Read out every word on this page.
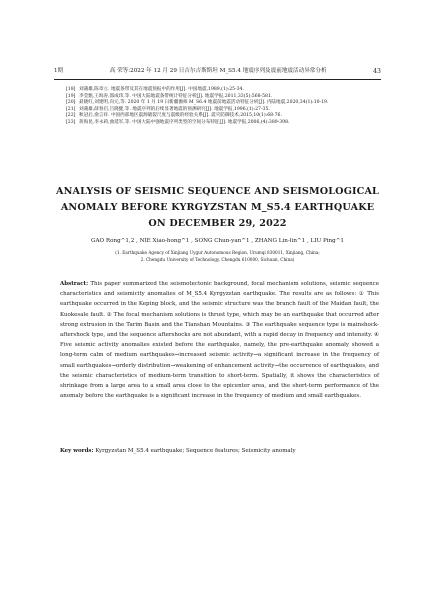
1期	高 荣等:2022 年 12 月 29 日吉尔吉斯斯坦 M_S5.4 地震序列及震前地震活动异常分析	43
[18] 刘蒲雄,陈章立. 地震条带及其在地震预报中的作用[J]. 中国地震,1989,(1):25-34.
[19] 李莹甄,王海涛,邵成玮,等. 中国大陆地震条带统计特征分析[J]. 地震学报,2011,33(5):568-581.
[20] 聂晓红,刘建明,向元,等. 2020 年 1 月 19 日新疆伽师 M_S6.4 地震前地震活动特征分析[J]. 内陆地震,2020,34(1):10-19.
[21] 刘蒲雄,薛春启,吕晓健,等. 地震序列的后续显著地震的预测研究[J]. 地震学报,1996,(1):27-35.
[22] 秋冠后,俞言祥. 中国西部地区震源破裂尺度与震级的经验关系[J]. 震灾防御技术,2015,10(1):68-76.
[23] 蒋海昆,李永莉,曲延军,等. 中国大陆中强地震序列类型的空间分布特征[J]. 地震学报,2006,(4):389-398.
ANALYSIS OF SEISMIC SEQUENCE AND SEISMOLOGICAL ANOMALY BEFORE KYRGYZSTAN M_S5.4 EARTHQUAKE ON DECEMBER 29, 2022
GAO Rong^1,2 , NIE Xiao-hong^1 , SONG Chun-yan^1 , ZHANG Lin-lin^1 , LIU Ping^1
(1. Earthquake Agency of Xinjiang Uygur Autonomous Region, Urumqi 830011, Xinjiang, China;
2. Chengdu University of Technology, Chengdu 610000, Sichuan, China)
Abstract: This paper summarized the seismotectonic background, focal mechanism solutions, seismic sequence characteristics and seismicity anomalies of M_S5.4 Kyrgyzstan earthquake. The results are as follows: ① This earthquake occurred in the Keping block, and the seismic structure was the branch fault of the Maidan fault, the Kuokesale fault. ② The focal mechanism solutions is thrust type, which may be an earthquake that occurred after strong extrusion in the Tarim Basin and the Tianshan Mountains. ③ The earthquake sequence type is mainshock-aftershock type, and the sequence aftershocks are not abundant, with a rapid decay in frequency and intensity. ④ Five seismic activity anomalies existed before the earthquake, namely, the pre-earthquake anomaly showed a long-term calm of medium earthquakes→increased seismic activity→a significant increase in the frequency of small earthquakes→orderly distribution→weakening of enhancement activity→the occurrence of earthquakes, and the seismic characteristics of medium-term transition to short-term. Spatially, it shows the characteristics of shrinkage from a large area to a small area close to the epicenter area, and the short-term performance of the anomaly before the earthquake is a significant increase in the frequency of medium and small earthquakes.
Key words: Kyrgyzstan M_S5.4 earthquake; Sequence features; Seismicity anomaly
